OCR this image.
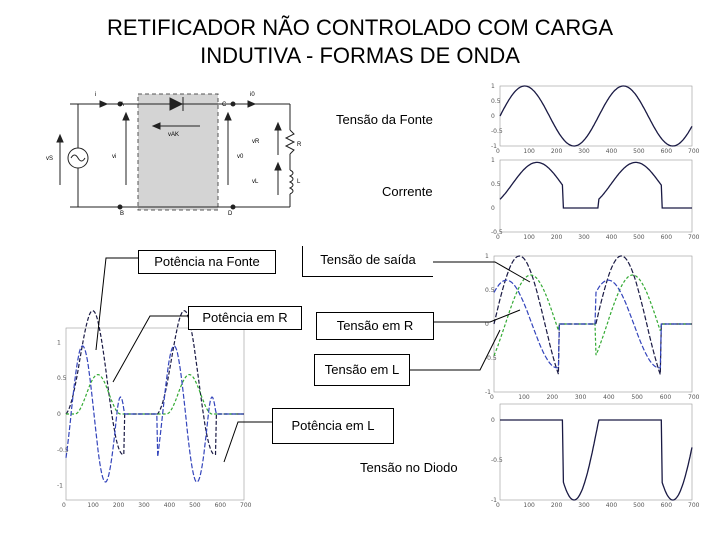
RETIFICADOR NÃO CONTROLADO COM CARGA
INDUTIVA - FORMAS DE ONDA
i
A	C
i0
vAK
vS	vi	v0
vR	R
vL	L
B	D
0	100	200	300	400	500	600	700
1
0.5
0
-0.5
-1
0	100	200	300	400	500	600	700
1
0.5
0
-0.5
0	100 200 300 400 500 600 700
1
0.5
0
-0.5
-1
0	100	200	300	400	500	600	700
1
0.5
0
-0.5
-1
0	100	200	300	400	500	600	700
0
-0.5
-1
Tensão da Fonte
Corrente
Potência na Fonte	Tensão de saída
Potência em R
Tensão em R
Tensão em L
Potência em L
Tensão no Diodo
